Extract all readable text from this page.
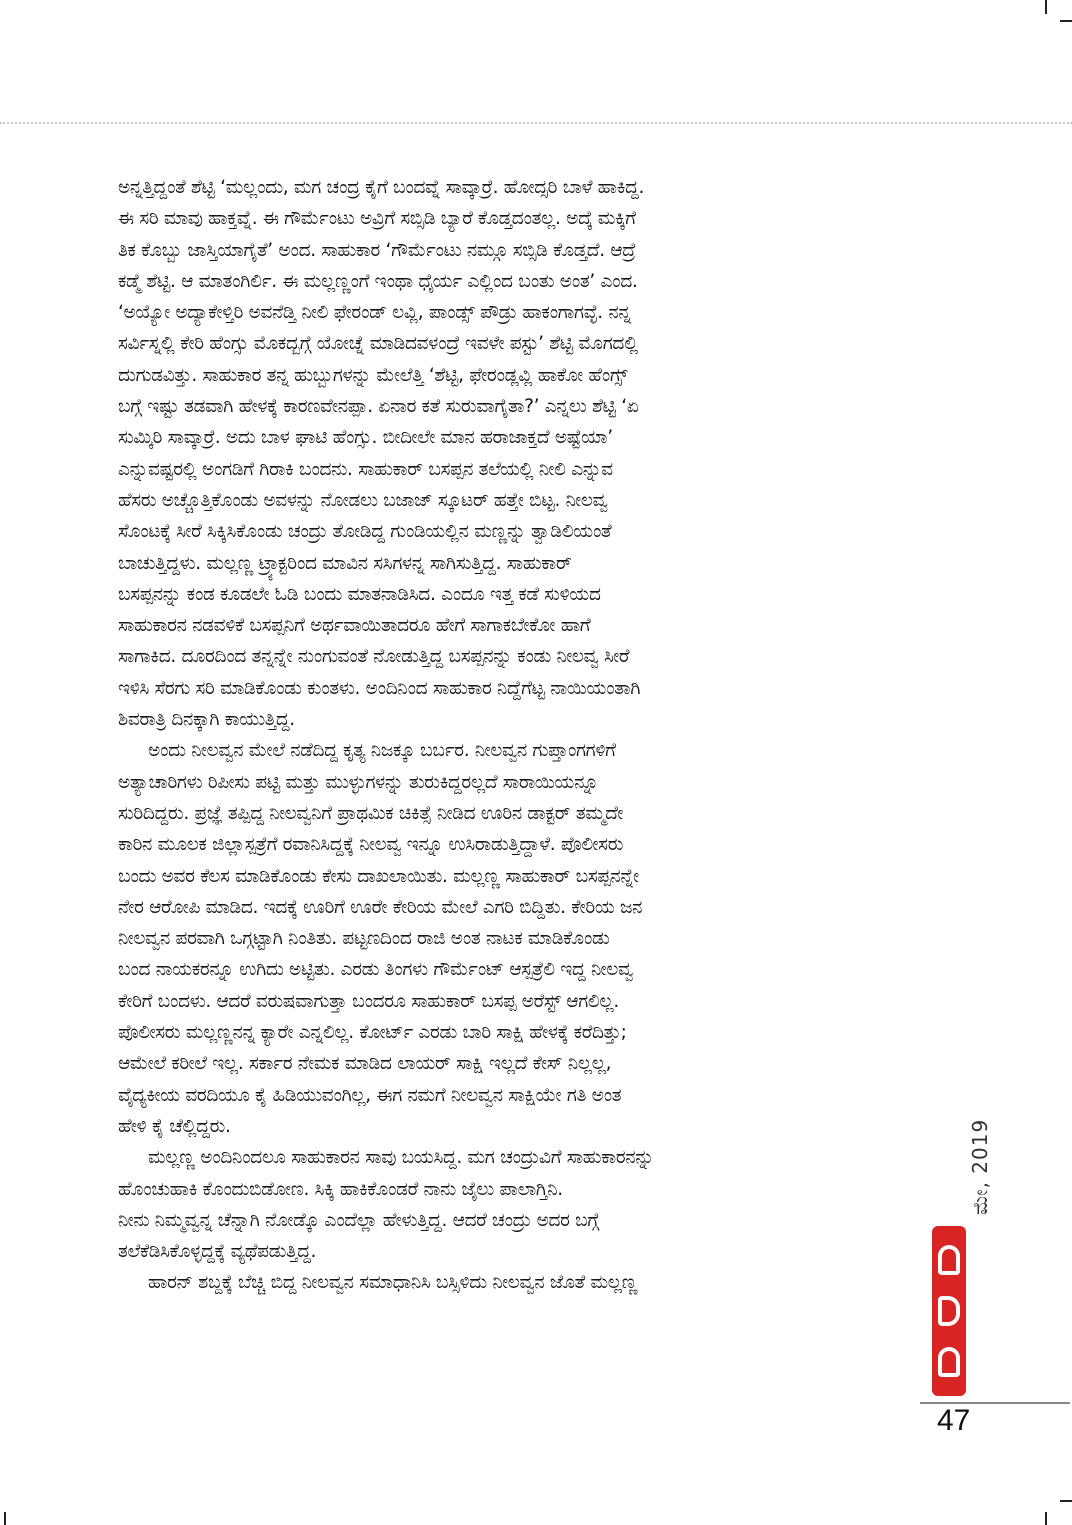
ಅನ್ನತ್ತಿದ್ದಂತೆ ಶೆಟ್ಟಿ ‘ಮಲ್ಲಂದು, ಮಗ ಚಂದ್ರ ಕೈಗೆ ಬಂದವ್ನೆ ಸಾವ್ಕಾರ್ರೆ. ಹೋದ್ಸರಿ ಬಾಳೆ ಹಾಕಿದ್ದ.
ಈ ಸರಿ ಮಾವು ಹಾಕ್ತವ್ನೆ. ಈ ಗೌರ್ಮೆಂಟು ಅವ್ರಿಗೆ ಸಬ್ಸಿಡಿ ಬ್ಯಾರೆ ಕೊಡ್ತದಂತಲ್ಲ. ಅದ್ಕೆ ಮಕ್ಕಿಗೆ
ತಿಕ ಕೊಬ್ಬು ಜಾಸ್ತಿಯಾಗೈತೆ’ ಅಂದ. ಸಾಹುಕಾರ ‘ಗೌರ್ಮೆಂಟು ನಮ್ಗೂ ಸಬ್ಸಿಡಿ ಕೊಡ್ತದೆ. ಆದ್ರೆ
ಕಡ್ಮೆ ಶೆಟ್ಟಿ. ಆ ಮಾತಂಗಿರ್ಲಿ. ಈ ಮಲ್ಲಣ್ಣಂಗೆ ಇಂಥಾ ಧೈರ್ಯ ಎಲ್ಲಿಂದ ಬಂತು ಅಂತ’ ಎಂದ.
‘ಅಯ್ಯೋ ಅದ್ಯಾಕೇಳ್ತಿರಿ ಅವನೆಡ್ತಿ ನೀಲಿ ಫೇರಂಡ್ ಲವ್ಲಿ, ಪಾಂಡ್ಸ್ ಪೌಡ್ರು ಹಾಕಂಗಾಗವ್ಳೆ. ನನ್ನ
ಸರ್ವಿಸ್ನಲ್ಲಿ ಕೇರಿ ಹೆಂಗ್ಸು ಮೊಕದ್ಬಗ್ಗೆ ಯೋಚ್ನೆ ಮಾಡಿದವಳಂದ್ರೆ ಇವಳೇ ಪಸ್ಟು’ ಶೆಟ್ಟಿ ಮೊಗದಲ್ಲಿ
ದುಗುಡವಿತ್ತು. ಸಾಹುಕಾರ ತನ್ನ ಹುಬ್ಬುಗಳನ್ನು ಮೇಲೆತ್ತಿ ‘ಶೆಟ್ಟಿ, ಫೇರಂಡ್ಲವ್ಲಿ ಹಾಕೋ ಹೆಂಗ್ಸ್
ಬಗ್ಗೆ ಇಷ್ಟು ತಡವಾಗಿ ಹೇಳಕ್ಕೆ ಕಾರಣವೇನಪ್ಪಾ. ಏನಾರ ಕತೆ ಸುರುವಾಗೈತಾ?’ ಎನ್ನಲು ಶೆಟ್ಟಿ ‘ಏ
ಸುಮ್ಕಿರಿ ಸಾವ್ಕಾರ್ರೆ. ಅದು ಬಾಳ ಘಾಟಿ ಹೆಂಗ್ಸು. ಬೀದೀಲೇ ಮಾನ ಹರಾಜಾಕ್ತದೆ ಅಷ್ಟೆಯಾ’
ಎನ್ನುವಷ್ಟರಲ್ಲಿ ಅಂಗಡಿಗೆ ಗಿರಾಕಿ ಬಂದನು. ಸಾಹುಕಾರ್ ಬಸಪ್ಪನ ತಲೆಯಲ್ಲಿ ನೀಲಿ ಎನ್ನುವ
ಹೆಸರು ಅಚ್ಚೊತ್ತಿಕೊಂಡು ಅವಳನ್ನು ನೋಡಲು ಬಜಾಜ್ ಸ್ಕೂಟರ್ ಹತ್ತೇ ಬಿಟ್ಟ. ನೀಲವ್ವ
ಸೊಂಟಕ್ಕೆ ಸೀರೆ ಸಿಕ್ಕಿಸಿಕೊಂಡು ಚಂದ್ರು ತೋಡಿದ್ದ ಗುಂಡಿಯಲ್ಲಿನ ಮಣ್ಣನ್ನು ತ್ವಾಡಿಲಿಯಂತೆ
ಬಾಚುತ್ತಿದ್ದಳು. ಮಲ್ಲಣ್ಣ ಟ್ರ್ಯಾಕ್ಟರಿಂದ ಮಾವಿನ ಸಸಿಗಳನ್ನ ಸಾಗಿಸುತ್ತಿದ್ದ. ಸಾಹುಕಾರ್
ಬಸಪ್ಪನನ್ನು ಕಂಡ ಕೂಡಲೇ ಓಡಿ ಬಂದು ಮಾತನಾಡಿಸಿದ. ಎಂದೂ ಇತ್ತ ಕಡೆ ಸುಳಿಯದ
ಸಾಹುಕಾರನ ನಡವಳಿಕೆ ಬಸಪ್ಪನಿಗೆ ಅರ್ಥವಾಯಿತಾದರೂ ಹೇಗೆ ಸಾಗಾಕಬೇಕೋ ಹಾಗೆ
ಸಾಗಾಕಿದ. ದೂರದಿಂದ ತನ್ನನ್ನೇ ನುಂಗುವಂತೆ ನೋಡುತ್ತಿದ್ದ ಬಸಪ್ಪನನ್ನು ಕಂಡು ನೀಲವ್ವ ಸೀರೆ
ಇಳಿಸಿ ಸೆರಗು ಸರಿ ಮಾಡಿಕೊಂಡು ಕುಂತಳು. ಅಂದಿನಿಂದ ಸಾಹುಕಾರ ನಿದ್ದೆಗೆಟ್ಟ ನಾಯಿಯಂತಾಗಿ
ಶಿವರಾತ್ರಿ ದಿನಕ್ಕಾಗಿ ಕಾಯುತ್ತಿದ್ದ.
ಅಂದು ನೀಲವ್ವನ ಮೇಲೆ ನಡೆದಿದ್ದ ಕೃತ್ಯ ನಿಜಕ್ಕೂ ಬರ್ಬರ. ನೀಲವ್ವನ ಗುಪ್ತಾಂಗಗಳಿಗೆ
ಅತ್ಯಾಚಾರಿಗಳು ರಿಪೀಸು ಪಟ್ಟಿ ಮತ್ತು ಮುಳ್ಳುಗಳನ್ನು ತುರುಕಿದ್ದರಲ್ಲದೆ ಸಾರಾಯಿಯನ್ನೂ
ಸುರಿದಿದ್ದರು. ಪ್ರಜ್ಞೆ ತಪ್ಪಿದ್ದ ನೀಲವ್ವನಿಗೆ ಪ್ರಾಥಮಿಕ ಚಿಕಿತ್ಸೆ ನೀಡಿದ ಊರಿನ ಡಾಕ್ಟರ್ ತಮ್ಮದೇ
ಕಾರಿನ ಮೂಲಕ ಜಿಲ್ಲಾಸ್ಪತ್ರೆಗೆ ರವಾನಿಸಿದ್ದಕ್ಕೆ ನೀಲವ್ವ ಇನ್ನೂ ಉಸಿರಾಡುತ್ತಿದ್ದಾಳೆ. ಪೊಲೀಸರು
ಬಂದು ಅವರ ಕೆಲಸ ಮಾಡಿಕೊಂಡು ಕೇಸು ದಾಖಲಾಯಿತು. ಮಲ್ಲಣ್ಣ ಸಾಹುಕಾರ್ ಬಸಪ್ಪನನ್ನೇ
ನೇರ ಆರೋಪಿ ಮಾಡಿದ. ಇದಕ್ಕೆ ಊರಿಗೆ ಊರೇ ಕೇರಿಯ ಮೇಲೆ ಎಗರಿ ಬಿದ್ದಿತು. ಕೇರಿಯ ಜನ
ನೀಲವ್ವನ ಪರವಾಗಿ ಒಗ್ಗಟ್ಟಾಗಿ ನಿಂತಿತು. ಪಟ್ಟಣದಿಂದ ರಾಜಿ ಅಂತ ನಾಟಕ ಮಾಡಿಕೊಂಡು
ಬಂದ ನಾಯಕರನ್ನೂ ಉಗಿದು ಅಟ್ಟಿತು. ಎರಡು ತಿಂಗಳು ಗೌರ್ಮೆಂಟ್ ಆಸ್ಪತ್ರೆಲಿ ಇದ್ದ ನೀಲವ್ವ
ಕೇರಿಗೆ ಬಂದಳು. ಆದರೆ ವರುಷವಾಗುತ್ತಾ ಬಂದರೂ ಸಾಹುಕಾರ್ ಬಸಪ್ಪ ಅರೆಸ್ಟ್ ಆಗಲಿಲ್ಲ.
ಪೊಲೀಸರು ಮಲ್ಲಣ್ಣನನ್ನ ಕ್ಯಾರೇ ಎನ್ನಲಿಲ್ಲ. ಕೋರ್ಟ್ ಎರಡು ಬಾರಿ ಸಾಕ್ಷಿ ಹೇಳಕ್ಕೆ ಕರೆದಿತ್ತು;
ಆಮೇಲೆ ಕರೀಲೆ ಇಲ್ಲ. ಸರ್ಕಾರ ನೇಮಕ ಮಾಡಿದ ಲಾಯರ್ ಸಾಕ್ಷಿ ಇಲ್ಲದೆ ಕೇಸ್ ನಿಲ್ಲಲ್ಲ,
ವೈದ್ಯಕೀಯ ವರದಿಯೂ ಕೈ ಹಿಡಿಯುವಂಗಿಲ್ಲ, ಈಗ ನಮಗೆ ನೀಲವ್ವನ ಸಾಕ್ಷಿಯೇ ಗತಿ ಅಂತ
ಹೇಳಿ ಕೈ ಚೆಲ್ಲಿದ್ದರು.
ಮಲ್ಲಣ್ಣ ಅಂದಿನಿಂದಲೂ ಸಾಹುಕಾರನ ಸಾವು ಬಯಸಿದ್ದ. ಮಗ ಚಂದ್ರುವಿಗೆ ಸಾಹುಕಾರನನ್ನು
ಹೊಂಚುಹಾಕಿ ಕೊಂದುಬಿಡೋಣ. ಸಿಕ್ಕಿ ಹಾಕಿಕೊಂಡರೆ ನಾನು ಜೈಲು ಪಾಲಾಗ್ತಿನಿ.
ನೀನು ನಿಮ್ಮವ್ವನ್ನ ಚೆನ್ನಾಗಿ ನೋಡ್ಕೊ ಎಂದೆಲ್ಲಾ ಹೇಳುತ್ತಿದ್ದ. ಆದರೆ ಚಂದ್ರು ಅದರ ಬಗ್ಗೆ
ತಲೆಕೆಡಿಸಿಕೊಳ್ಳದ್ದಕ್ಕೆ ವ್ಯಥೆಪಡುತ್ತಿದ್ದ.
ಹಾರನ್ ಶಬ್ದಕ್ಕೆ ಬೆಚ್ಚಿ ಬಿದ್ದ ನೀಲವ್ವನ ಸಮಾಧಾನಿಸಿ ಬಸ್ಸಿಳಿದು ನೀಲವ್ವನ ಜೊತೆ ಮಲ್ಲಣ್ಣ
ಮೇ, 2019
47
